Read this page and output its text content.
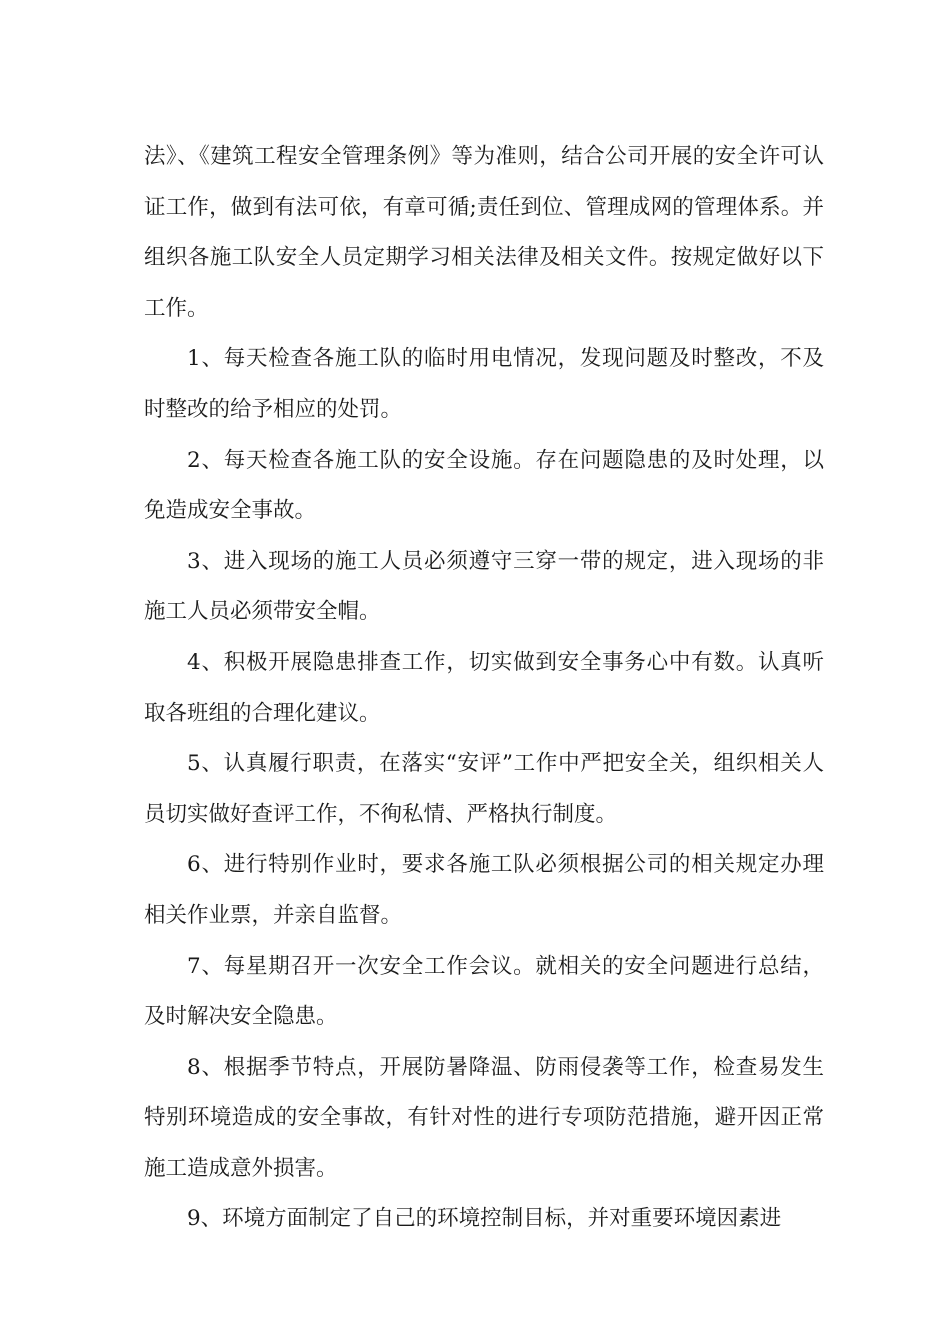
法》、《建筑工程安全管理条例》等为准则，结合公司开展的安全许可认证工作，做到有法可依，有章可循;责任到位、管理成网的管理体系。并组织各施工队安全人员定期学习相关法律及相关文件。按规定做好以下工作。

1、每天检查各施工队的临时用电情况，发现问题及时整改，不及时整改的给予相应的处罚。

2、每天检查各施工队的安全设施。存在问题隐患的及时处理，以免造成安全事故。

3、进入现场的施工人员必须遵守三穿一带的规定，进入现场的非施工人员必须带安全帽。

4、积极开展隐患排查工作，切实做到安全事务心中有数。认真听取各班组的合理化建议。

5、认真履行职责，在落实“安评”工作中严把安全关，组织相关人员切实做好查评工作，不徇私情、严格执行制度。

6、进行特别作业时，要求各施工队必须根据公司的相关规定办理相关作业票，并亲自监督。

7、每星期召开一次安全工作会议。就相关的安全问题进行总结，及时解决安全隐患。

8、根据季节特点，开展防暑降温、防雨侵袭等工作，检查易发生特别环境造成的安全事故，有针对性的进行专项防范措施，避开因正常施工造成意外损害。

9、环境方面制定了自己的环境控制目标，并对重要环境因素进
